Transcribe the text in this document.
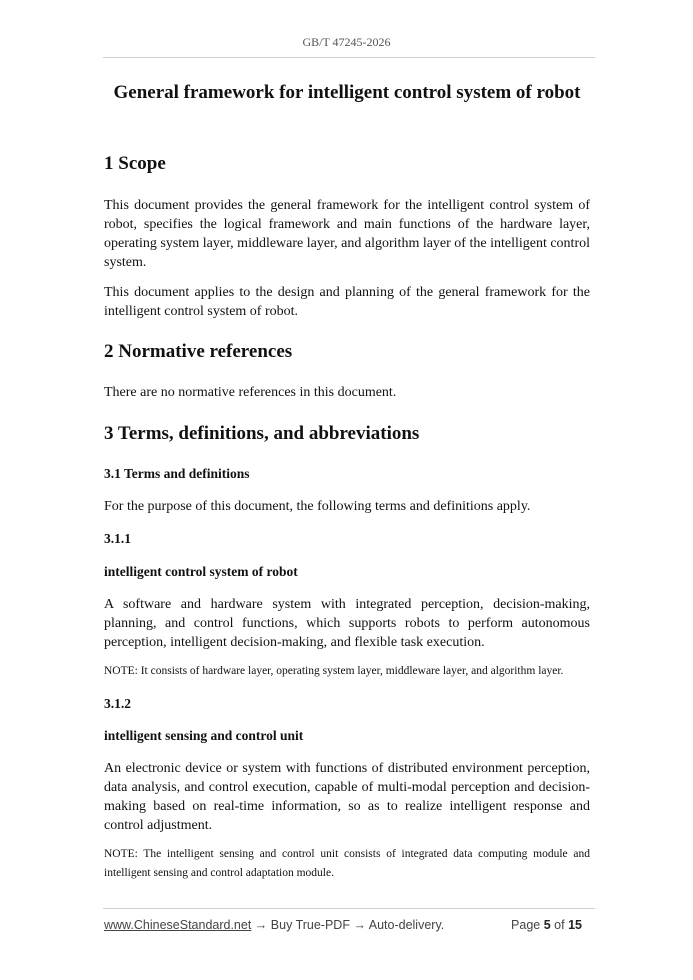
GB/T 47245-2026
General framework for intelligent control system of robot
1 Scope

This document provides the general framework for the intelligent control system of robot, specifies the logical framework and main functions of the hardware layer, operating system layer, middleware layer, and algorithm layer of the intelligent control system.

This document applies to the design and planning of the general framework for the intelligent control system of robot.

2 Normative references

There are no normative references in this document.

3 Terms, definitions, and abbreviations
3.1 Terms and definitions

For the purpose of this document, the following terms and definitions apply.

3.1.1
intelligent control system of robot

A software and hardware system with integrated perception, decision-making, planning, and control functions, which supports robots to perform autonomous perception, intelligent decision-making, and flexible task execution.

NOTE: It consists of hardware layer, operating system layer, middleware layer, and algorithm layer.

3.1.2
intelligent sensing and control unit

An electronic device or system with functions of distributed environment perception, data analysis, and control execution, capable of multi-modal perception and decision-making based on real-time information, so as to realize intelligent response and control adjustment.

NOTE: The intelligent sensing and control unit consists of integrated data computing module and intelligent sensing and control adaptation module.

www.ChineseStandard.net → Buy True-PDF → Auto-delivery.	Page 5 of 15
